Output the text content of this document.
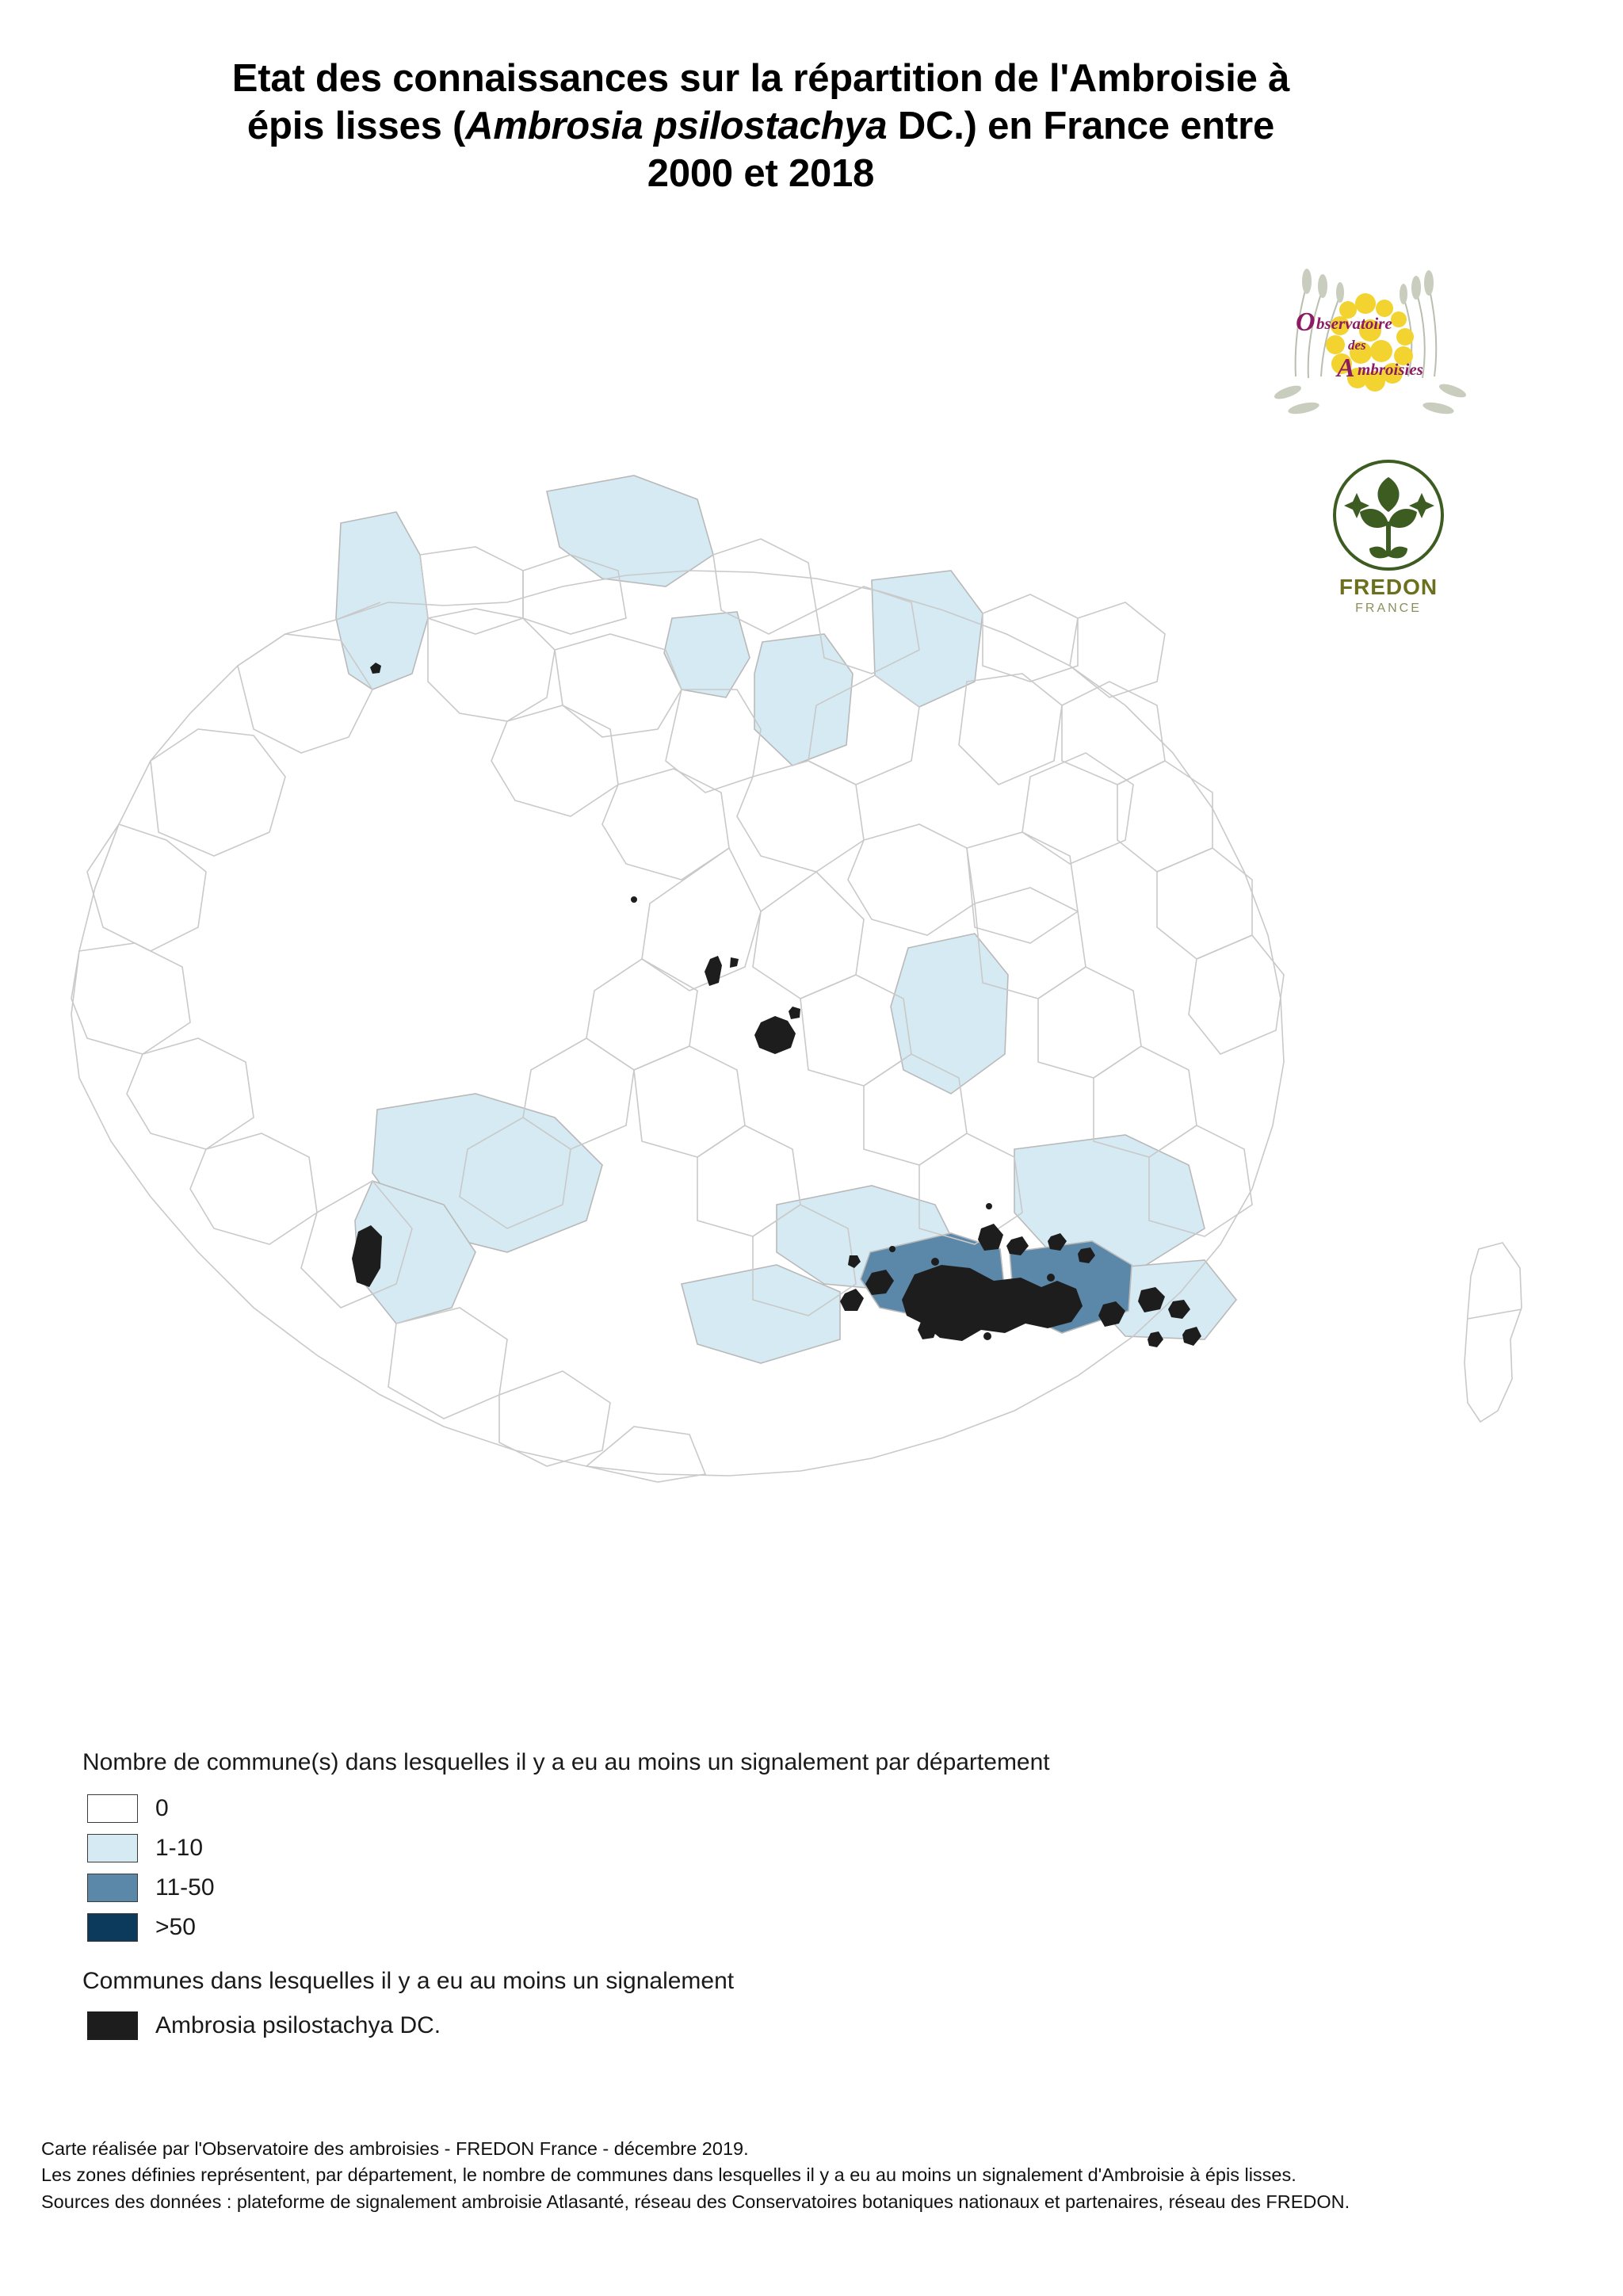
Etat des connaissances sur la répartition de l'Ambroisie à
épis lisses (Ambrosia psilostachya DC.) en France entre
2000 et 2018
O bservatoire
des
A mbroisies
FREDON
FRANCE
Nombre de commune(s) dans lesquelles il y a eu au moins un signalement par département
0
1-10
11-50
>50
Communes dans lesquelles il y a eu au moins un signalement
Ambrosia psilostachya DC.
Carte réalisée par l'Observatoire des ambroisies - FREDON France - décembre 2019.
Les zones définies représentent, par département, le nombre de communes dans lesquelles il y a eu au moins un signalement d'Ambroisie à épis lisses.
Sources des données : plateforme de signalement ambroisie Atlasanté, réseau des Conservatoires botaniques nationaux et partenaires, réseau des FREDON.
